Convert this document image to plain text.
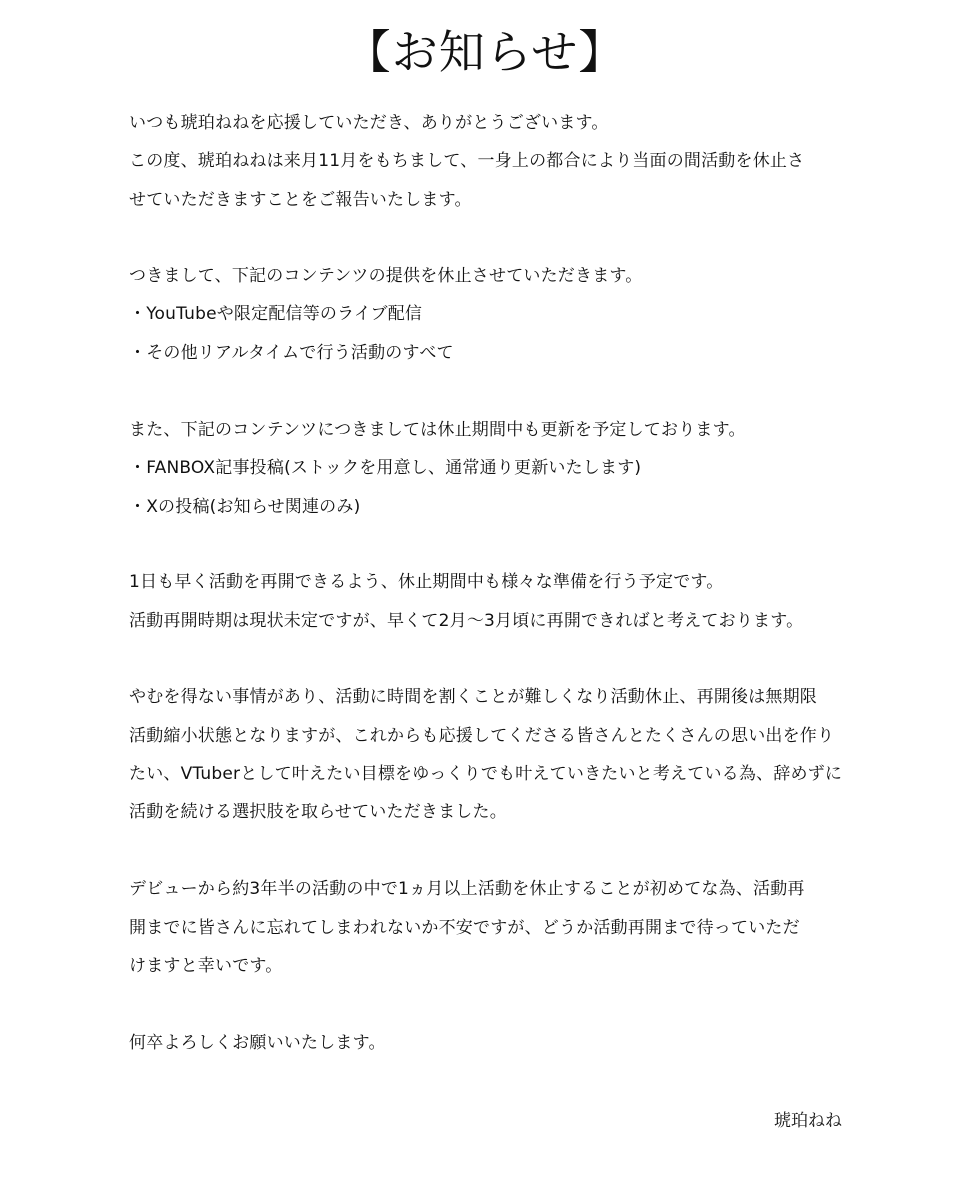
【お知らせ】

いつも琥珀ねねを応援していただき、ありがとうございます。

この度、琥珀ねねは来月11月をもちまして、一身上の都合により当面の間活動を休止さ

せていただきますことをご報告いたします。

つきまして、下記のコンテンツの提供を休止させていただきます。

・YouTubeや限定配信等のライブ配信

・その他リアルタイムで行う活動のすべて

また、下記のコンテンツにつきましては休止期間中も更新を予定しております。

・FANBOX記事投稿(ストックを用意し、通常通り更新いたします)

・Xの投稿(お知らせ関連のみ)

1日も早く活動を再開できるよう、休止期間中も様々な準備を行う予定です。

活動再開時期は現状未定ですが、早くて2月～3月頃に再開できればと考えております。

やむを得ない事情があり、活動に時間を割くことが難しくなり活動休止、再開後は無期限

活動縮小状態となりますが、これからも応援してくださる皆さんとたくさんの思い出を作り

たい、VTuberとして叶えたい目標をゆっくりでも叶えていきたいと考えている為、辞めずに

活動を続ける選択肢を取らせていただきました。

デビューから約3年半の活動の中で1ヵ月以上活動を休止することが初めてな為、活動再

開までに皆さんに忘れてしまわれないか不安ですが、どうか活動再開まで待っていただ

けますと幸いです。

何卒よろしくお願いいたします。

琥珀ねね
